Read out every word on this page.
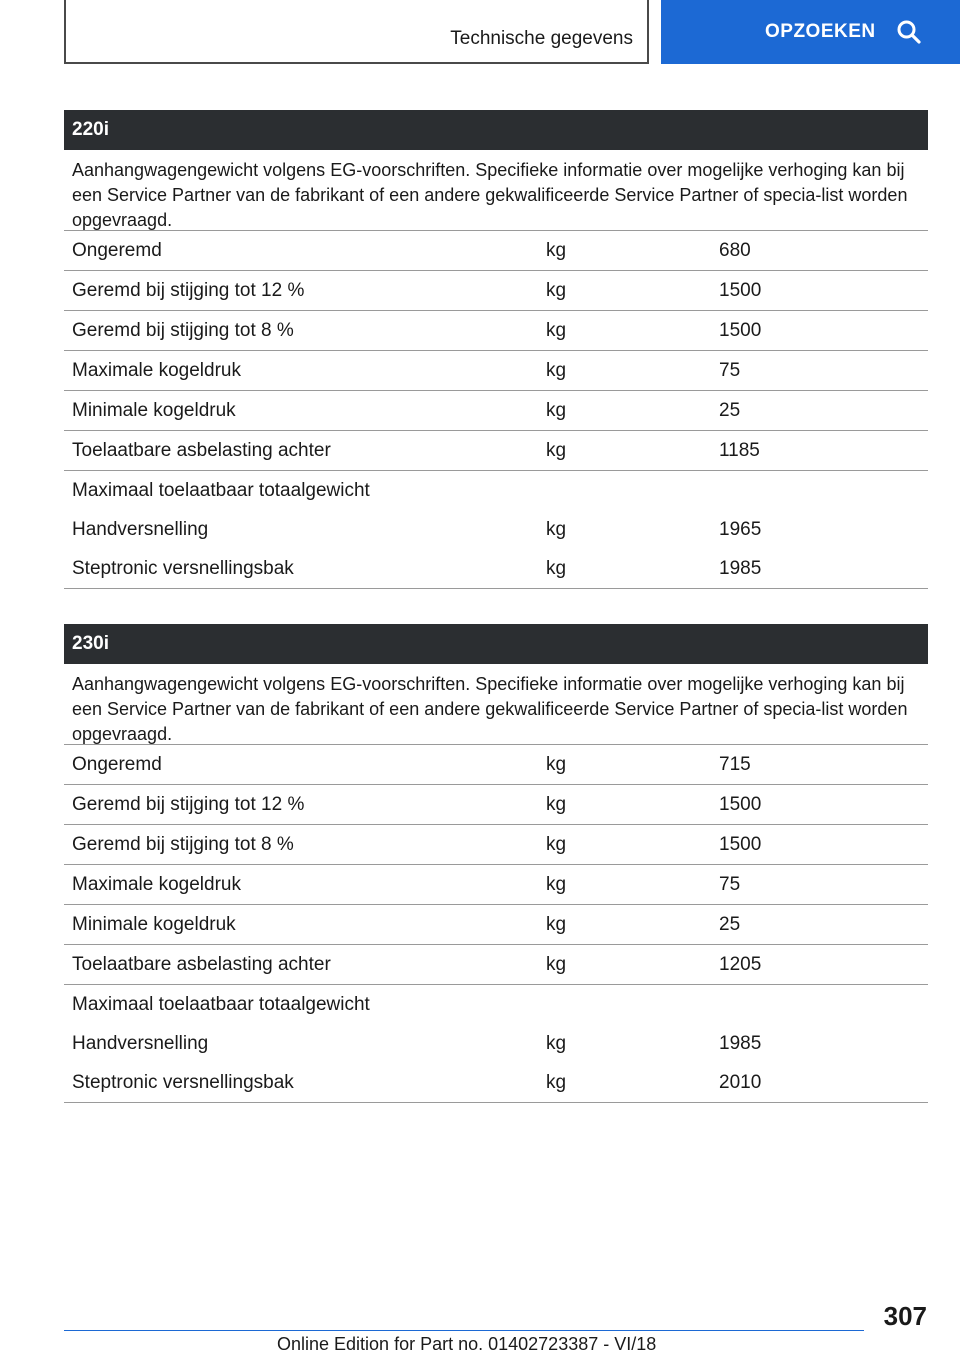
Technische gegevens	OPZOEKEN
220i
Aanhangwagengewicht volgens EG-voorschriften. Specifieke informatie over mogelijke verhoging kan bij een Service Partner van de fabrikant of een andere gekwalificeerde Service Partner of specia-list worden opgevraagd.
Ongeremd	kg	680
Geremd bij stijging tot 12 %	kg	1500
Geremd bij stijging tot 8 %	kg	1500
Maximale kogeldruk	kg	75
Minimale kogeldruk	kg	25
Toelaatbare asbelasting achter	kg	1185
Maximaal toelaatbaar totaalgewicht
Handversnelling	kg	1965
Steptronic versnellingsbak	kg	1985
230i
Aanhangwagengewicht volgens EG-voorschriften. Specifieke informatie over mogelijke verhoging kan bij een Service Partner van de fabrikant of een andere gekwalificeerde Service Partner of specia-list worden opgevraagd.
Ongeremd	kg	715
Geremd bij stijging tot 12 %	kg	1500
Geremd bij stijging tot 8 %	kg	1500
Maximale kogeldruk	kg	75
Minimale kogeldruk	kg	25
Toelaatbare asbelasting achter	kg	1205
Maximaal toelaatbaar totaalgewicht
Handversnelling	kg	1985
Steptronic versnellingsbak	kg	2010
307
Online Edition for Part no. 01402723387 - VI/18
